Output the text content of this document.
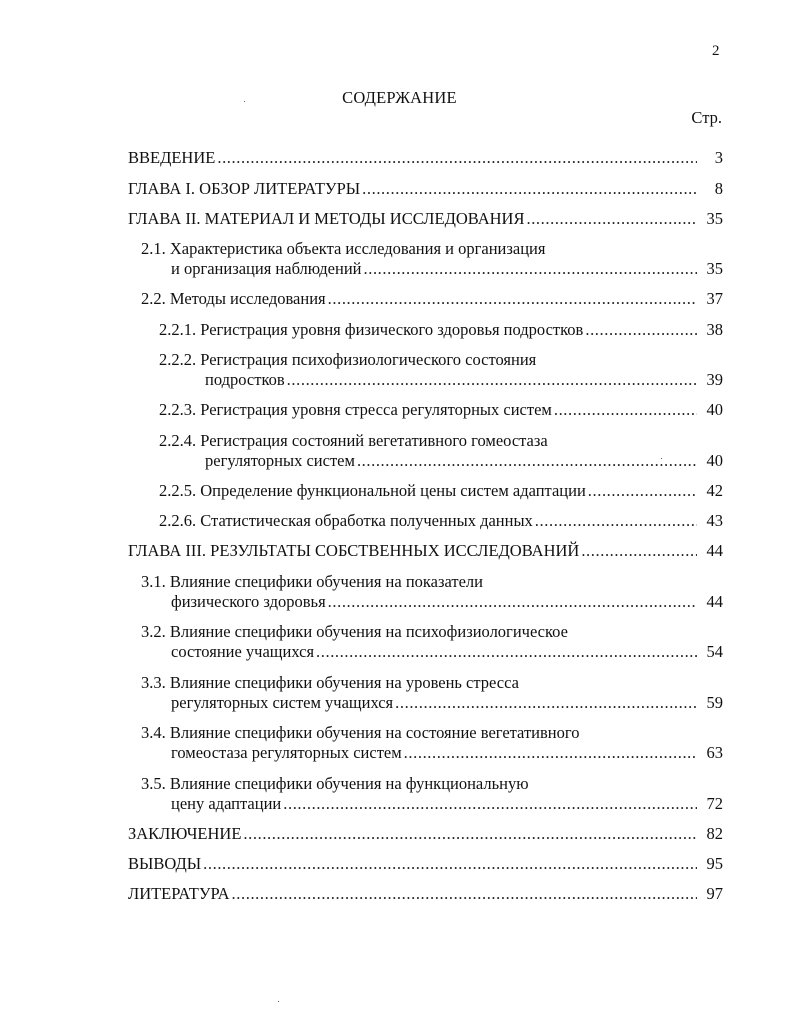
2
СОДЕРЖАНИЕ
Стр.
ВВЕДЕНИЕ .....	3
ГЛАВА I. ОБЗОР ЛИТЕРАТУРЫ .....	8
ГЛАВА II. МАТЕРИАЛ И МЕТОДЫ ИССЛЕДОВАНИЯ .....	35
2.1. Характеристика объекта исследования и организация
и организация наблюдений .....	35
2.2. Методы исследования .....	37
2.2.1. Регистрация уровня физического здоровья подростков .....	38
2.2.2. Регистрация психофизиологического состояния
подростков .....	39
2.2.3. Регистрация уровня стресса регуляторных систем .....	40
2.2.4. Регистрация состояний вегетативного гомеостаза
регуляторных систем .....	40
2.2.5. Определение функциональной цены систем адаптации .....	42
2.2.6. Статистическая обработка полученных данных .....	43
ГЛАВА III. РЕЗУЛЬТАТЫ СОБСТВЕННЫХ ИССЛЕДОВАНИЙ .....	44
3.1. Влияние специфики обучения на показатели
физического здоровья .....	44
3.2. Влияние специфики обучения на психофизиологическое
состояние учащихся .....	54
3.3. Влияние специфики обучения на уровень стресса
регуляторных систем учащихся .....	59
3.4. Влияние специфики обучения на состояние вегетативного
гомеостаза регуляторных систем .....	63
3.5. Влияние специфики обучения на функциональную
цену адаптации .....	72
ЗАКЛЮЧЕНИЕ .....	82
ВЫВОДЫ .....	95
ЛИТЕРАТУРА .....	97
